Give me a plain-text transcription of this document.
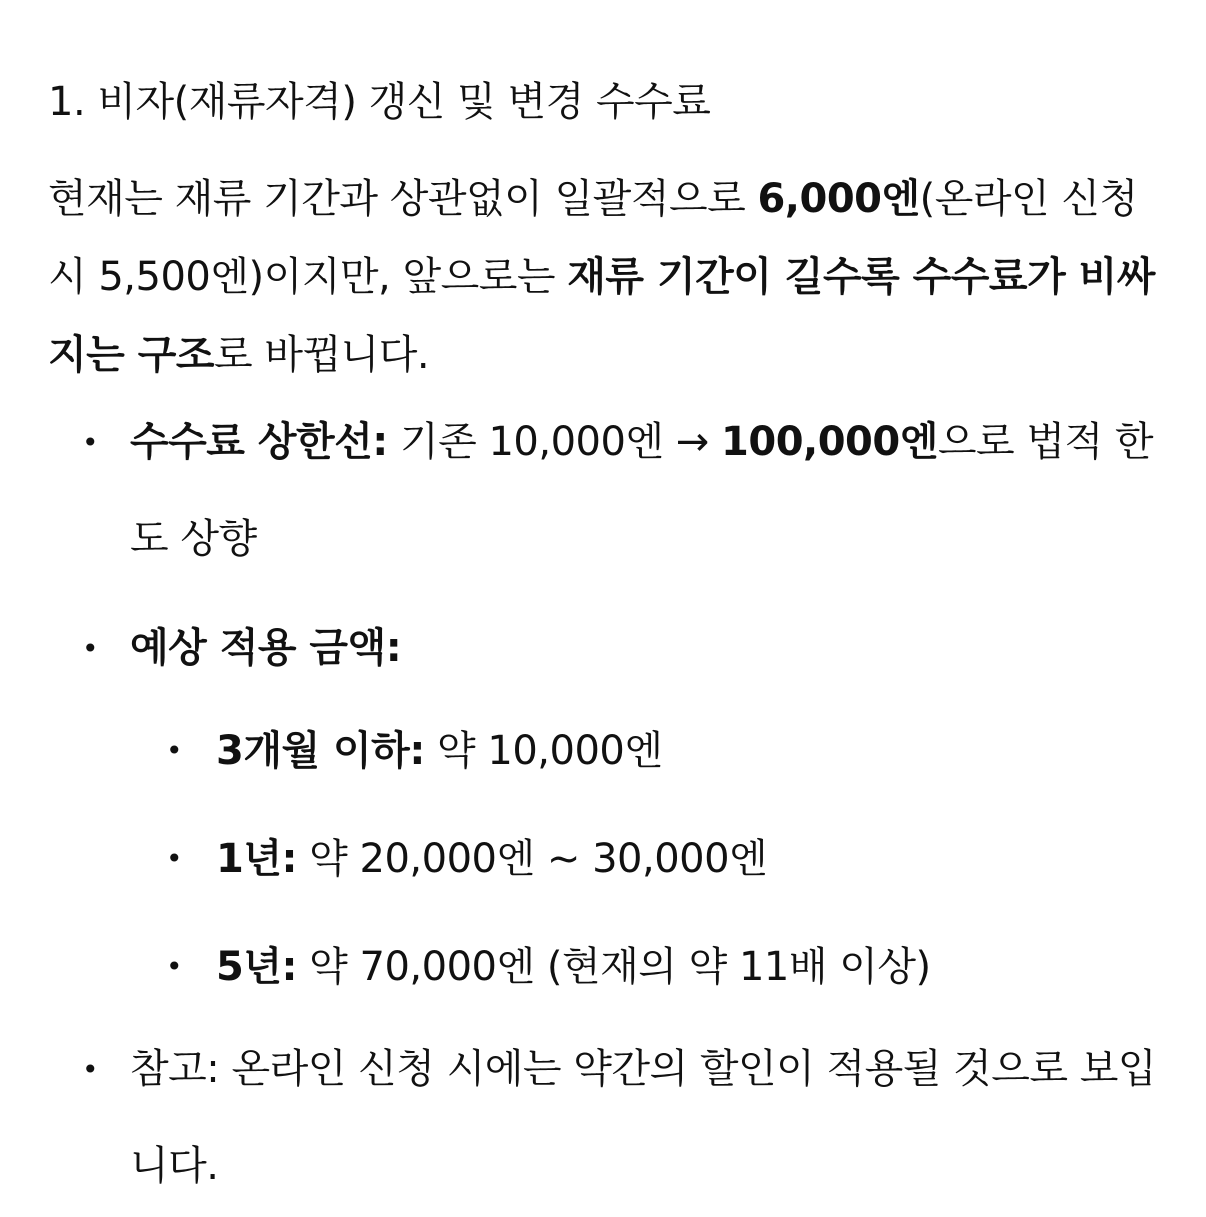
1. 비자(재류자격) 갱신 및 변경 수수료

현재는 재류 기간과 상관없이 일괄적으로 6,000엔(온라인 신청 시 5,500엔)이지만, 앞으로는 재류 기간이 길수록 수수료가 비싸지는 구조로 바뀝니다.

• 수수료 상한선: 기존 10,000엔 → 100,000엔으로 법적 한도 상향
• 예상 적용 금액:
• 3개월 이하: 약 10,000엔
• 1년: 약 20,000엔 ~ 30,000엔
• 5년: 약 70,000엔 (현재의 약 11배 이상)
• 참고: 온라인 신청 시에는 약간의 할인이 적용될 것으로 보입니다.
